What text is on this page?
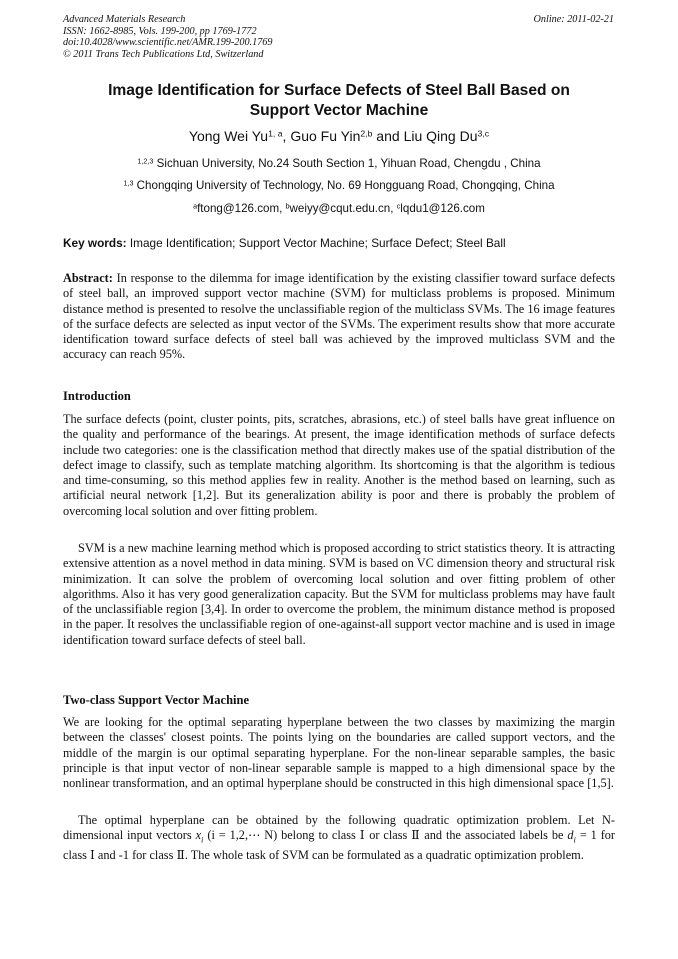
Advanced Materials Research
ISSN: 1662-8985, Vols. 199-200, pp 1769-1772
doi:10.4028/www.scientific.net/AMR.199-200.1769
© 2011 Trans Tech Publications Ltd, Switzerland
Online: 2011-02-21
Image Identification for Surface Defects of Steel Ball Based on
Support Vector Machine
Yong Wei Yu$^{1, a}$, Guo Fu Yin$^{2,b}$ and Liu Qing Du$^{3,c}$
$^{1,2,3}$ Sichuan University, No.24 South Section 1, Yihuan Road, Chengdu , China
$^{1,3}$ Chongqing University of Technology, No. 69 Hongguang Road, Chongqing, China
$^a$ftong@126.com, $^b$weiyy@cqut.edu.cn, $^c$lqdu1@126.com
Key words: Image Identification; Support Vector Machine; Surface Defect; Steel Ball

Abstract: In response to the dilemma for image identification by the existing classifier toward surface defects of steel ball, an improved support vector machine (SVM) for multiclass problems is proposed. Minimum distance method is presented to resolve the unclassifiable region of the multiclass SVMs. The 16 image features of the surface defects are selected as input vector of the SVMs. The experiment results show that more accurate identification toward surface defects of steel ball was achieved by the improved multiclass SVM and the accuracy can reach 95%.

Introduction

The surface defects (point, cluster points, pits, scratches, abrasions, etc.) of steel balls have great influence on the quality and performance of the bearings. At present, the image identification methods of surface defects include two categories: one is the classification method that directly makes use of the spatial distribution of the defect image to classify, such as template matching algorithm. Its shortcoming is that the algorithm is tedious and time-consuming, so this method applies few in reality. Another is the method based on learning, such as artificial neural network [1,2]. But its generalization ability is poor and there is probably the problem of overcoming local solution and over fitting problem.

SVM is a new machine learning method which is proposed according to strict statistics theory. It is attracting extensive attention as a novel method in data mining. SVM is based on VC dimension theory and structural risk minimization. It can solve the problem of overcoming local solution and over fitting problem of other algorithms. Also it has very good generalization capacity. But the SVM for multiclass problems may have fault of the unclassifiable region [3,4]. In order to overcome the problem, the minimum distance method is proposed in the paper. It resolves the unclassifiable region of one-against-all support vector machine and is used in image identification toward surface defects of steel ball.

Two-class Support Vector Machine

We are looking for the optimal separating hyperplane between the two classes by maximizing the margin between the classes' closest points. The points lying on the boundaries are called support vectors, and the middle of the margin is our optimal separating hyperplane. For the non-linear separable samples, the basic principle is that input vector of non-linear separable sample is mapped to a high dimensional space by the nonlinear transformation, and an optimal hyperplane should be constructed in this high dimensional space [1,5].

The optimal hyperplane can be obtained by the following quadratic optimization problem. Let N-dimensional input vectors $x_i$ (i = 1,2,⋯ N) belong to class Ⅰ or class Ⅱ and the associated labels be $d_i = 1$ for class Ⅰ and -1 for class Ⅱ. The whole task of SVM can be formulated as a quadratic optimization problem.
